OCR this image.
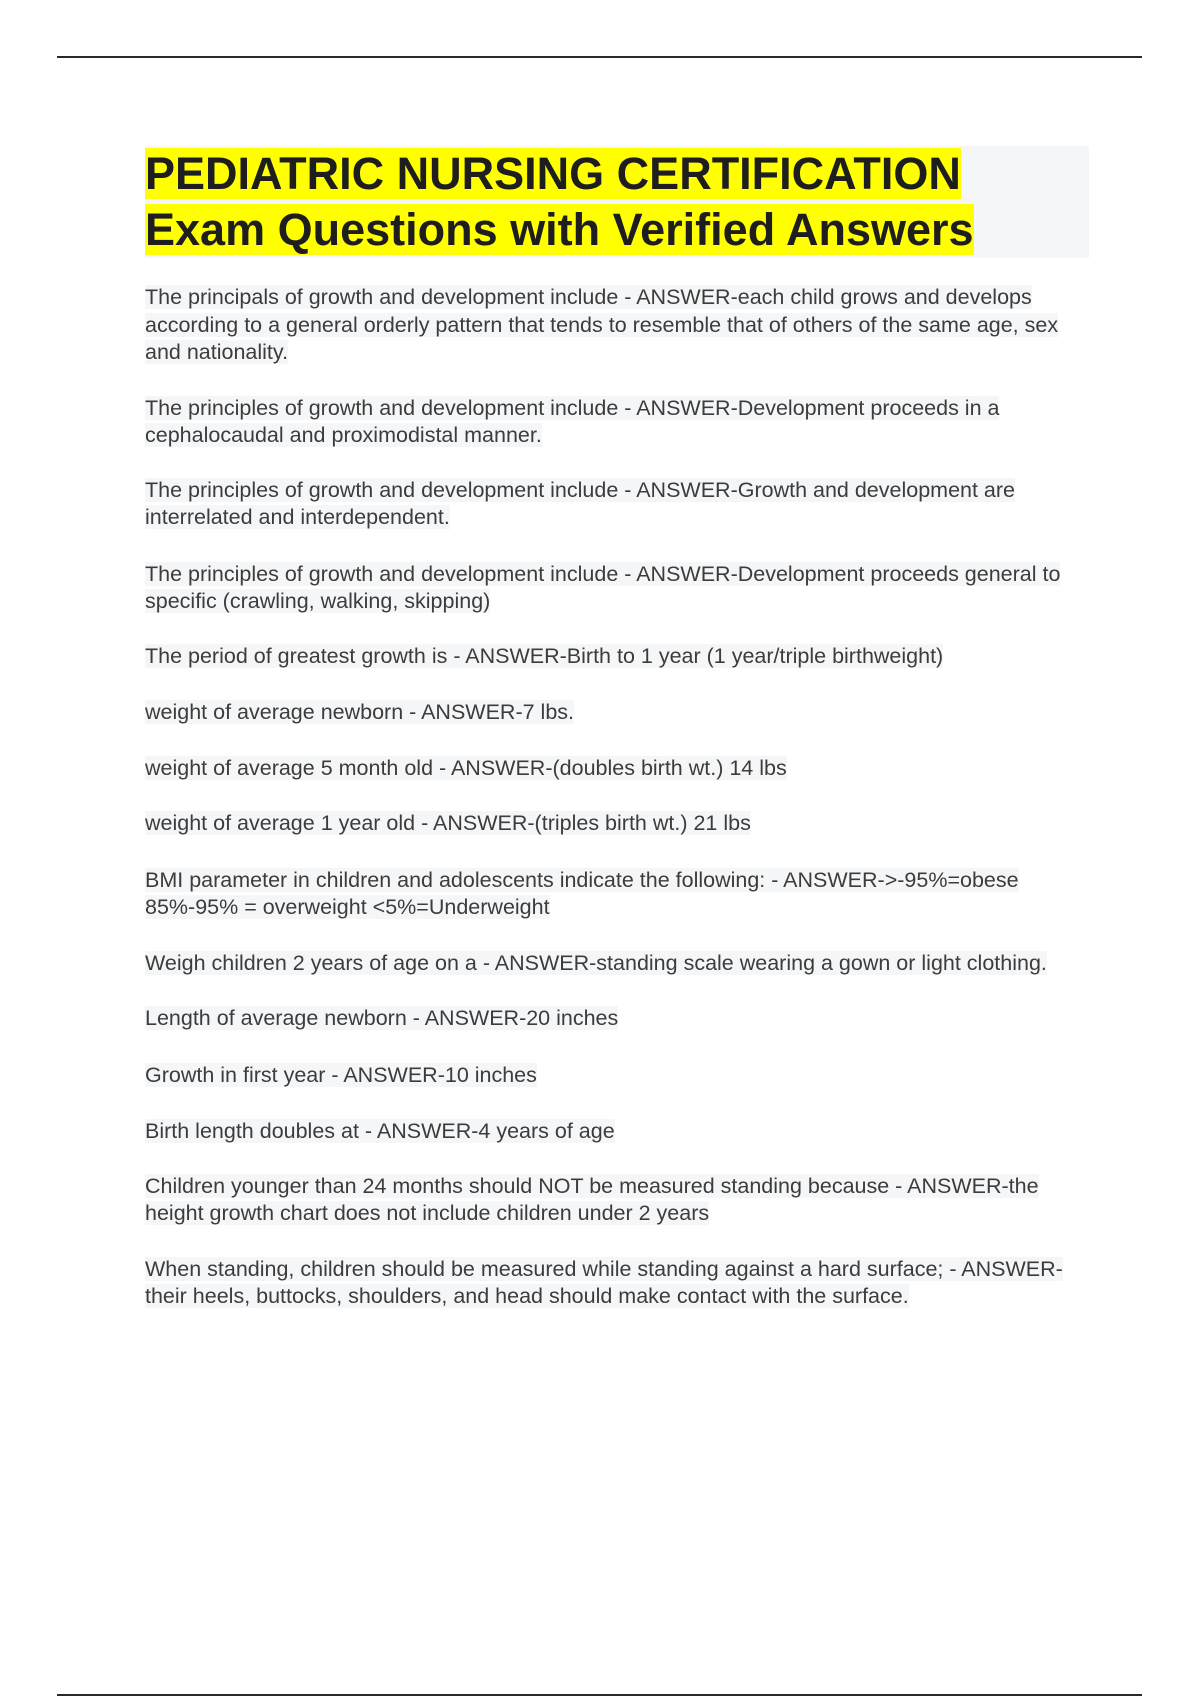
PEDIATRIC NURSING CERTIFICATION

Exam Questions with Verified Answers

The principals of growth and development include - ANSWER-each child grows and develops according to a general orderly pattern that tends to resemble that of others of the same age, sex and nationality.

The principles of growth and development include - ANSWER-Development proceeds in a cephalocaudal and proximodistal manner.

The principles of growth and development include - ANSWER-Growth and development are interrelated and interdependent.

The principles of growth and development include - ANSWER-Development proceeds general to specific (crawling, walking, skipping)

The period of greatest growth is - ANSWER-Birth to 1 year (1 year/triple birthweight)

weight of average newborn - ANSWER-7 lbs.

weight of average 5 month old - ANSWER-(doubles birth wt.) 14 lbs

weight of average 1 year old - ANSWER-(triples birth wt.) 21 lbs

BMI parameter in children and adolescents indicate the following: - ANSWER->-95%=obese 85%-95% = overweight <5%=Underweight

Weigh children 2 years of age on a - ANSWER-standing scale wearing a gown or light clothing.

Length of average newborn - ANSWER-20 inches

Growth in first year - ANSWER-10 inches

Birth length doubles at - ANSWER-4 years of age

Children younger than 24 months should NOT be measured standing because - ANSWER-the height growth chart does not include children under 2 years

When standing, children should be measured while standing against a hard surface; - ANSWER-their heels, buttocks, shoulders, and head should make contact with the surface.
